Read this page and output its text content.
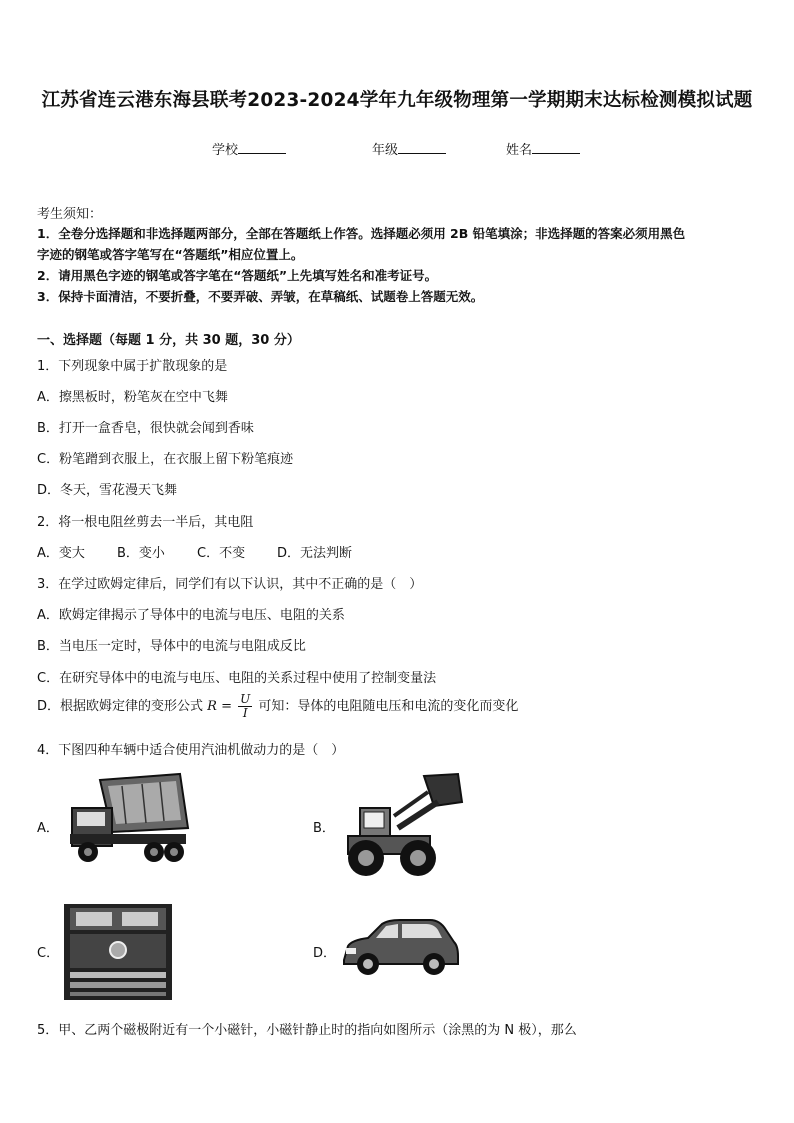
江苏省连云港东海县联考2023-2024学年九年级物理第一学期期末达标检测模拟试题
学校	年级	姓名
考生须知：
1．全卷分选择题和非选择题两部分，全部在答题纸上作答。选择题必须用 2B 铅笔填涂；非选择题的答案必须用黑色
字迹的钢笔或答字笔写在“答题纸”相应位置上。
2．请用黑色字迹的钢笔或答字笔在“答题纸”上先填写姓名和准考证号。
3．保持卡面清洁，不要折叠，不要弄破、弄皱，在草稿纸、试题卷上答题无效。
一、选择题（每题 1 分，共 30 题，30 分）
1．下列现象中属于扩散现象的是
A．擦黑板时，粉笔灰在空中飞舞
B．打开一盒香皂，很快就会闻到香味
C．粉笔蹭到衣服上，在衣服上留下粉笔痕迹
D．冬天，雪花漫天飞舞
2．将一根电阻丝剪去一半后，其电阻
A．变大 B．变小 C．不变 D．无法判断
3．在学过欧姆定律后，同学们有以下认识，其中不正确的是（　）
A．欧姆定律揭示了导体中的电流与电压、电阻的关系
B．当电压一定时，导体中的电流与电阻成反比
C．在研究导体中的电流与电压、电阻的关系过程中使用了控制变量法
D．根据欧姆定律的变形公式 $R = \frac{U}{I}$ 可知：导体的电阻随电压和电流的变化而变化
4．下图四种车辆中适合使用汽油机做动力的是（　）
A．	B．
C．	D．
5．甲、乙两个磁极附近有一个小磁针，小磁针静止时的指向如图所示（涂黑的为 N 极），那么
